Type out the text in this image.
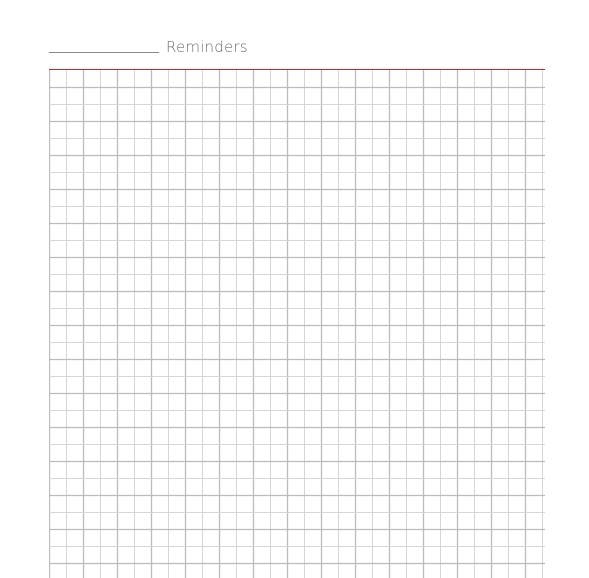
Reminders
